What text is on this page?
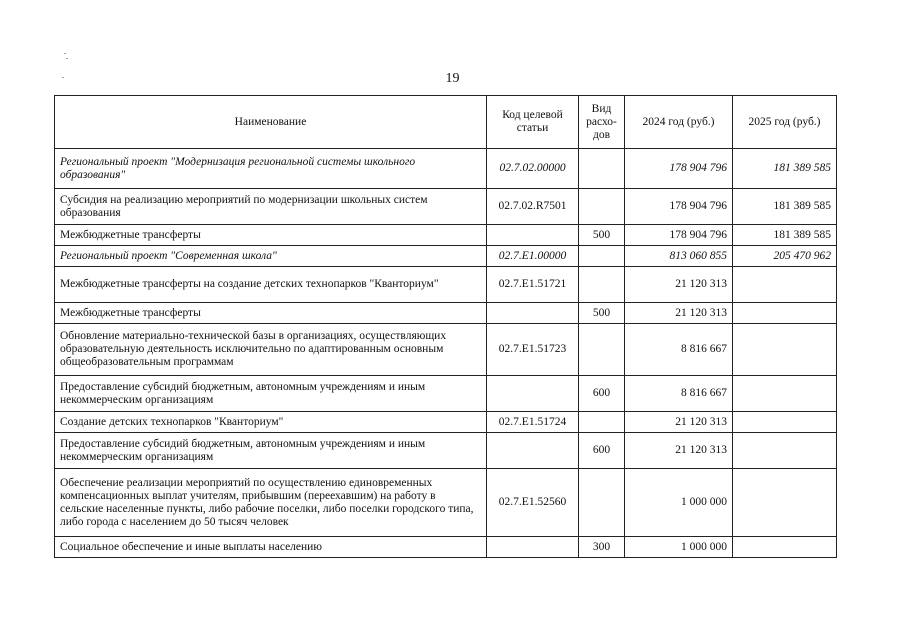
19
Наименование	Код целевой статьи	Вид расхо-дов	2024 год (руб.)	2025 год (руб.)
Региональный проект "Модернизация региональной системы школьного образования"	02.7.02.00000		178 904 796	181 389 585
Субсидия на реализацию мероприятий по модернизации школьных систем образования	02.7.02.R7501		178 904 796	181 389 585
Межбюджетные трансферты		500	178 904 796	181 389 585
Региональный проект "Современная школа"	02.7.E1.00000		813 060 855	205 470 962
Межбюджетные трансферты на создание детских технопарков "Кванториум"	02.7.E1.51721		21 120 313	
Межбюджетные трансферты		500	21 120 313	
Обновление материально-технической базы в организациях, осуществляющих образовательную деятельность исключительно по адаптированным основным общеобразовательным программам	02.7.E1.51723		8 816 667	
Предоставление субсидий бюджетным, автономным учреждениям и иным некоммерческим организациям		600	8 816 667	
Создание детских технопарков "Кванториум"	02.7.E1.51724		21 120 313	
Предоставление субсидий бюджетным, автономным учреждениям и иным некоммерческим организациям		600	21 120 313	
Обеспечение реализации мероприятий по осуществлению единовременных компенсационных выплат учителям, прибывшим (переехавшим) на работу в сельские населенные пункты, либо рабочие поселки, либо поселки городского типа, либо города с населением до 50 тысяч человек	02.7.E1.52560		1 000 000	
Социальное обеспечение и иные выплаты населению		300	1 000 000	
